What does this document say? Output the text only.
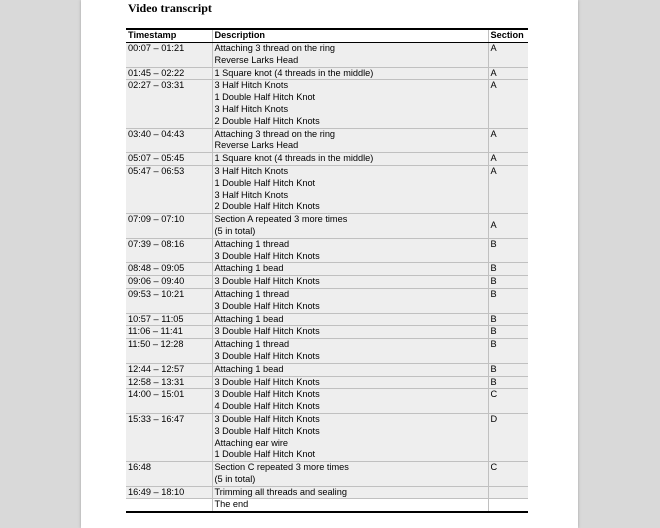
Video transcript
Timestamp	Description	Section
00:07 – 01:21	Attaching 3 thread on the ring
Reverse Larks Head	A
01:45 – 02:22	1 Square knot (4 threads in the middle)	A
02:27 – 03:31	3 Half Hitch Knots
1 Double Half Hitch Knot
3 Half Hitch Knots
2 Double Half Hitch Knots	A
03:40 – 04:43	Attaching 3 thread on the ring
Reverse Larks Head	A
05:07 – 05:45	1 Square knot (4 threads in the middle)	A
05:47 – 06:53	3 Half Hitch Knots
1 Double Half Hitch Knot
3 Half Hitch Knots
2 Double Half Hitch Knots	A
07:09 – 07:10	Section A repeated 3 more times
(5 in total)	A
07:39 – 08:16	Attaching 1 thread
3 Double Half Hitch Knots	B
08:48 – 09:05	Attaching 1 bead	B
09:06 – 09:40	3 Double Half Hitch Knots	B
09:53 – 10:21	Attaching 1 thread
3 Double Half Hitch Knots	B
10:57 – 11:05	Attaching 1 bead	B
11:06 – 11:41	3 Double Half Hitch Knots	B
11:50 – 12:28	Attaching 1 thread
3 Double Half Hitch Knots	B
12:44 – 12:57	Attaching 1 bead	B
12:58 – 13:31	3 Double Half Hitch Knots	B
14:00 – 15:01	3 Double Half Hitch Knots
4 Double Half Hitch Knots	C
15:33 – 16:47	3 Double Half Hitch Knots
3 Double Half Hitch Knots
Attaching ear wire
1 Double Half Hitch Knot	D
16:48	Section C repeated 3 more times
(5 in total)	C
16:49 – 18:10	Trimming all threads and sealing	

	The end	
